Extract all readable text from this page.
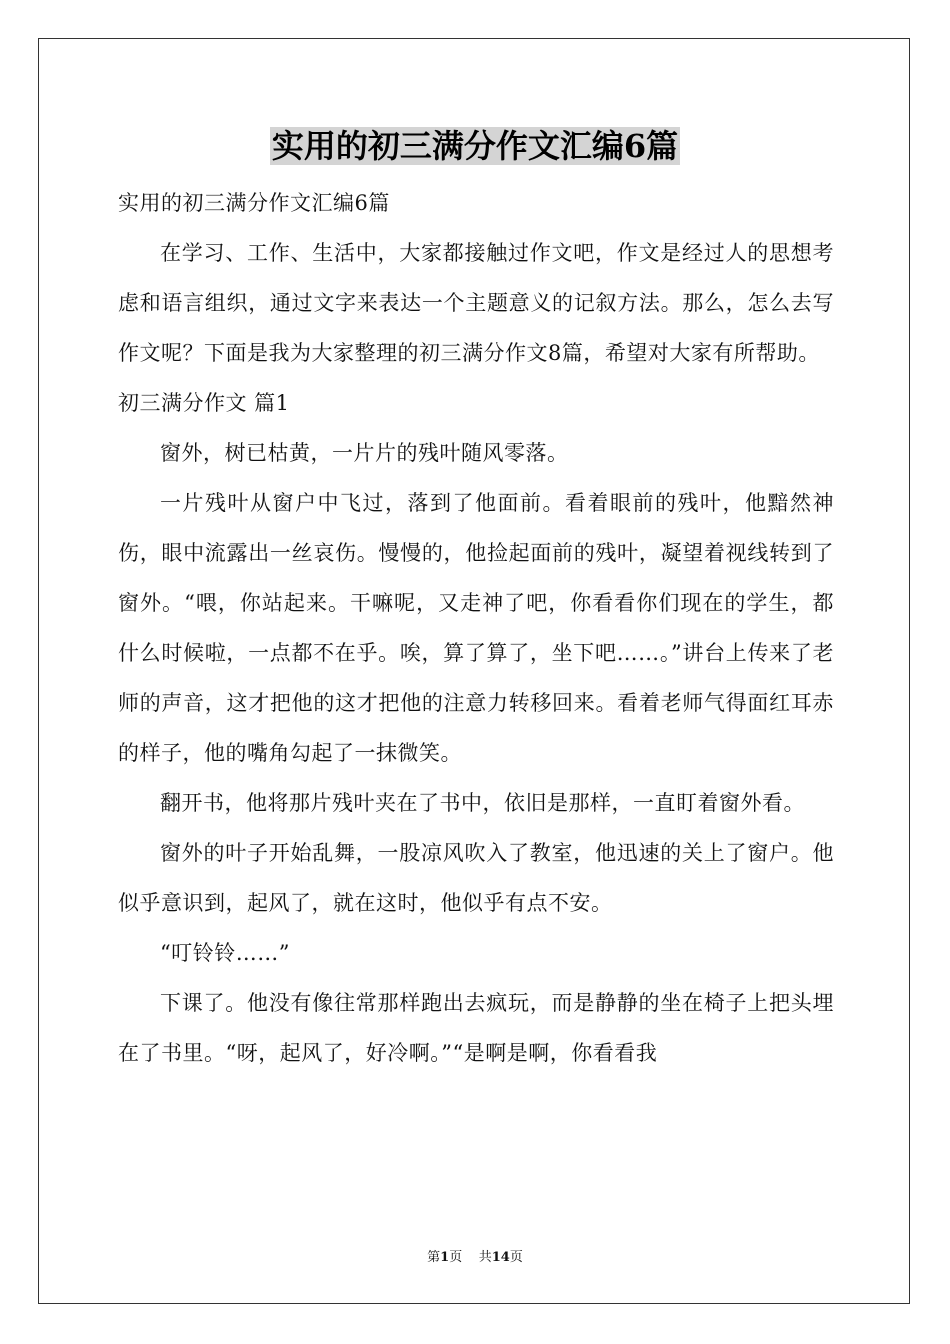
实用的初三满分作文汇编6篇

实用的初三满分作文汇编6篇

在学习、工作、生活中，大家都接触过作文吧，作文是经过人的思想考虑和语言组织，通过文字来表达一个主题意义的记叙方法。那么，怎么去写作文呢？下面是我为大家整理的初三满分作文8篇，希望对大家有所帮助。

初三满分作文 篇1

窗外，树已枯黄，一片片的残叶随风零落。

一片残叶从窗户中飞过，落到了他面前。看着眼前的残叶，他黯然神伤，眼中流露出一丝哀伤。慢慢的，他捡起面前的残叶，凝望着视线转到了窗外。“喂，你站起来。干嘛呢，又走神了吧，你看看你们现在的学生，都什么时候啦，一点都不在乎。唉，算了算了，坐下吧……。”讲台上传来了老师的声音，这才把他的这才把他的注意力转移回来。看着老师气得面红耳赤的样子，他的嘴角勾起了一抹微笑。

翻开书，他将那片残叶夹在了书中，依旧是那样，一直盯着窗外看。

窗外的叶子开始乱舞，一股凉风吹入了教室，他迅速的关上了窗户。他似乎意识到，起风了，就在这时，他似乎有点不安。

“叮铃铃……”

下课了。他没有像往常那样跑出去疯玩，而是静静的坐在椅子上把头埋在了书里。“呀，起风了，好冷啊。”“是啊是啊，你看看我

第1页 共14页
